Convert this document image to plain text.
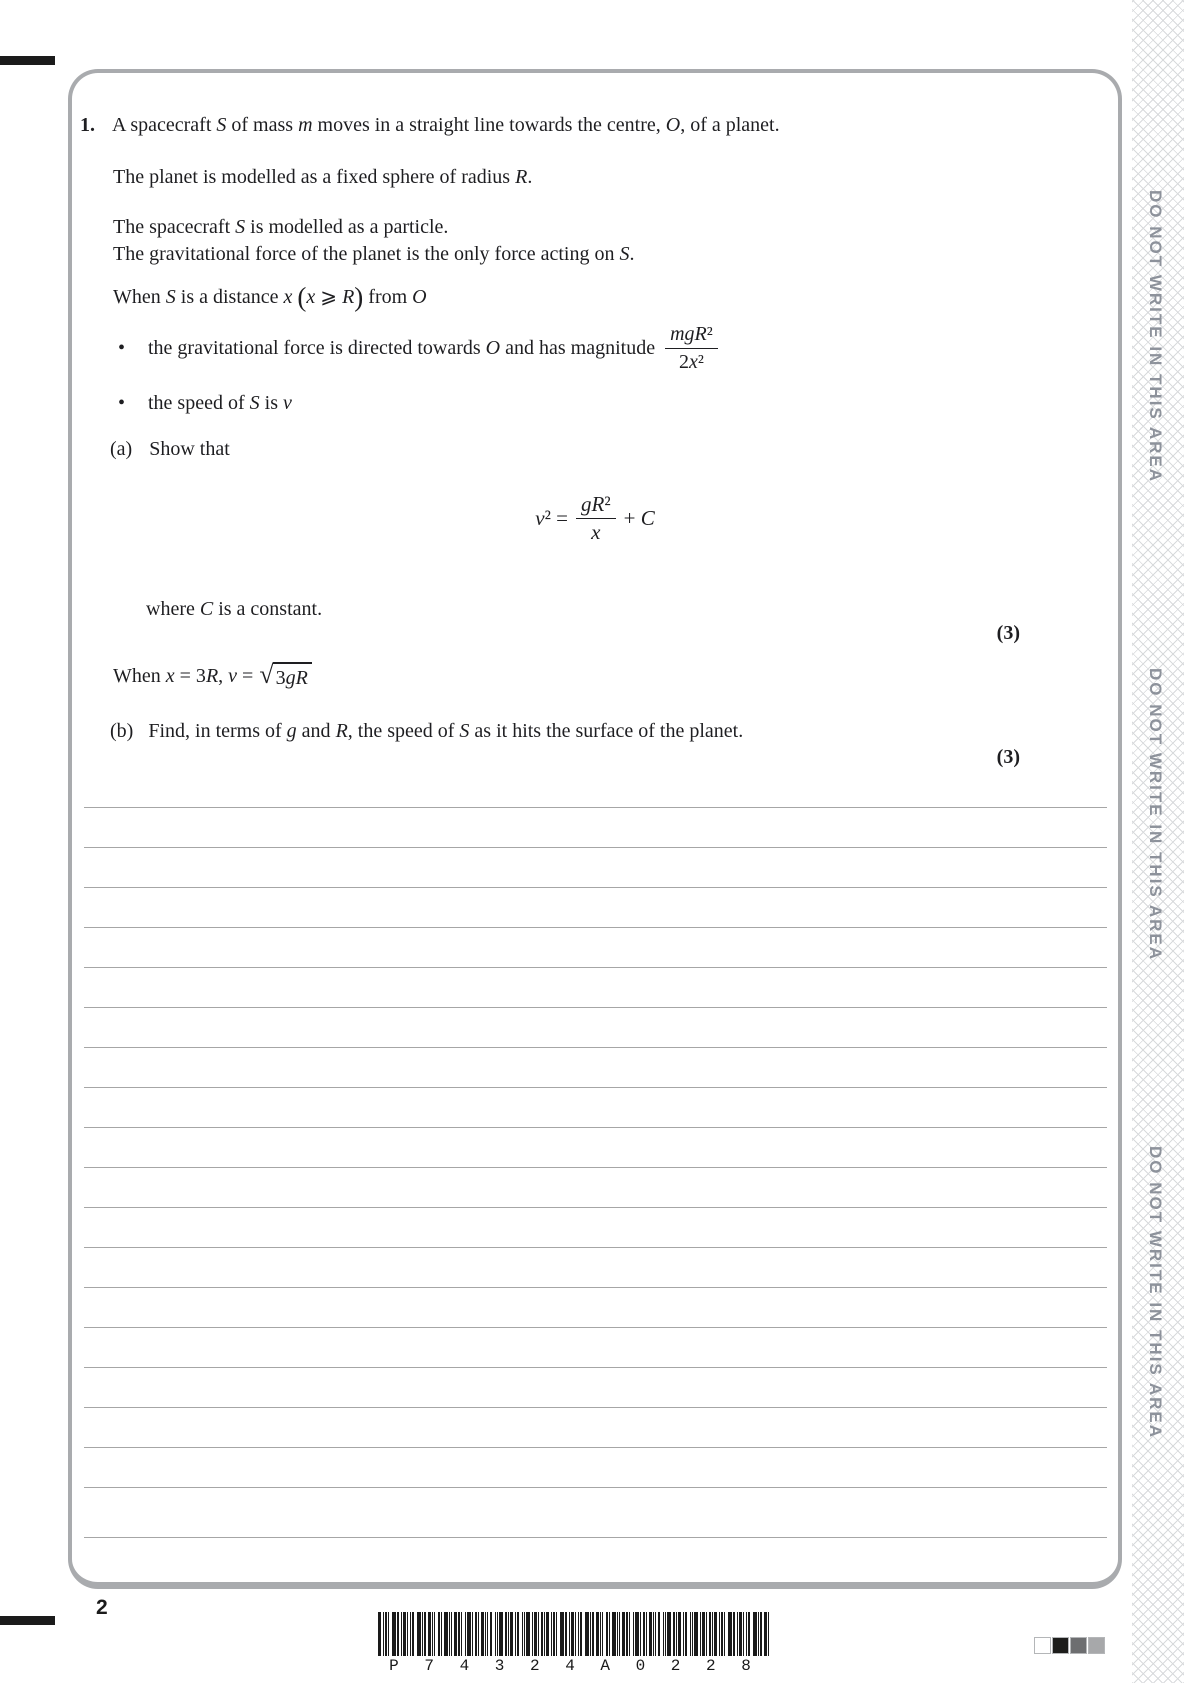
DO NOT WRITE IN THIS AREA
DO NOT WRITE IN THIS AREA
DO NOT WRITE IN THIS AREA
1. A spacecraft S of mass m moves in a straight line towards the centre, O, of a planet.
The planet is modelled as a fixed sphere of radius R.
The spacecraft S is modelled as a particle.
The gravitational force of the planet is the only force acting on S.
When S is a distance x (x ⩾ R) from O
•	the gravitational force is directed towards O and has magnitude $\frac{\text{mgR²}}{\text{2x²}}$
•	the speed of S is v
(a) Show that
$v^2 = \frac{\text{gR²}}{x} + C$
where C is a constant.
(3)
When x = 3R, v = √ 3gR
(b) Find, in terms of g and R, the speed of S as it hits the surface of the planet.
(3)
2
P 7 4 3 2 4 A 0 2 2 8
